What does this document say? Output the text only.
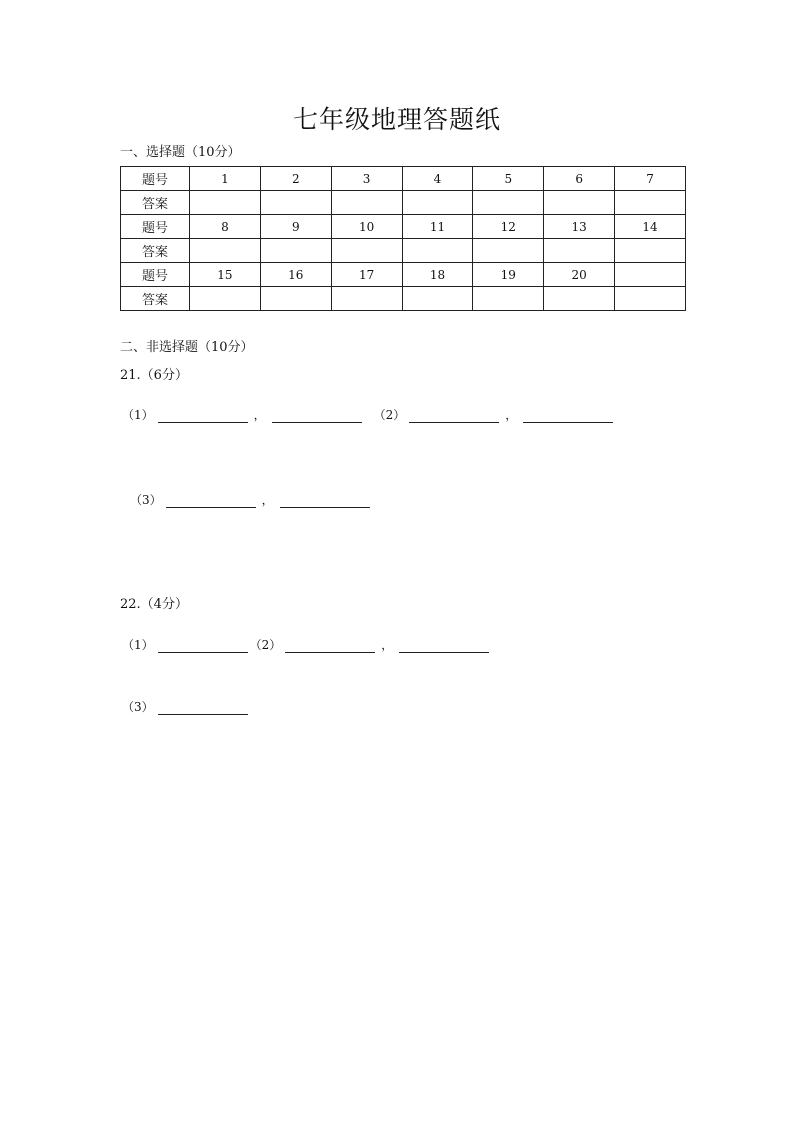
七年级地理答题纸
一、选择题（10分）
题号	1	2	3	4	5	6	7
答案							
题号	8	9	10	11	12	13	14
答案							
题号	15	16	17	18	19	20	
答案							
二、非选择题（10分）
21.（6分）
（1）	，	（2）	，
（3）	，
22.（4分）
（1）	（2）	，
（3）
